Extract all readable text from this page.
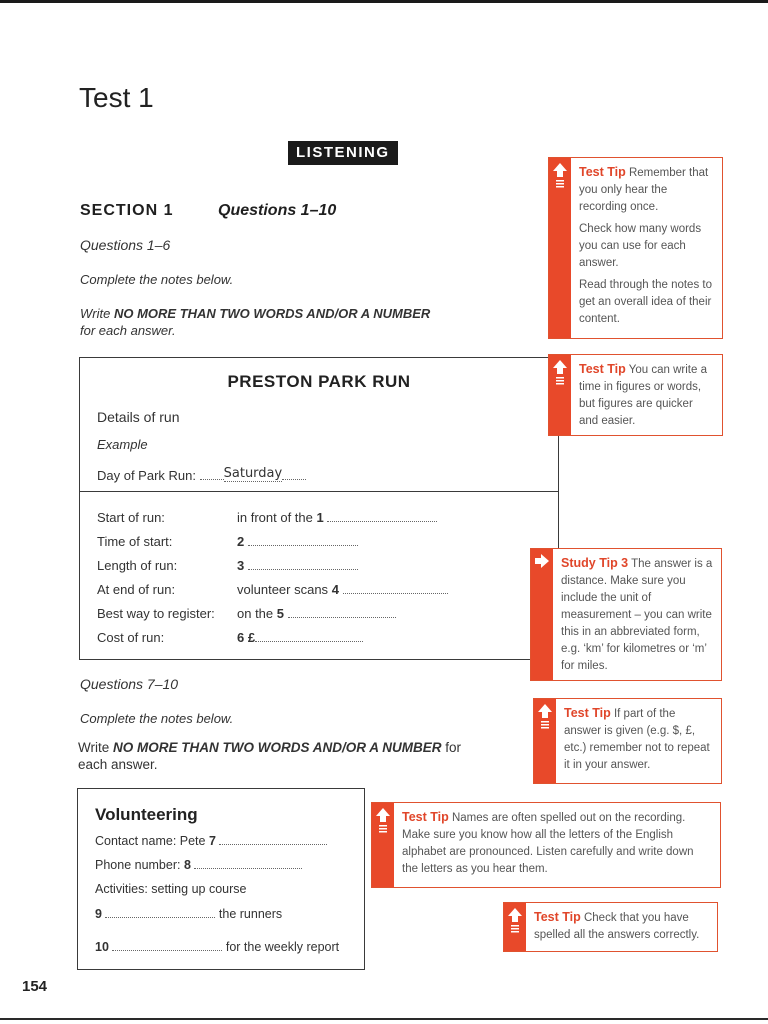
Test 1
LISTENING
SECTION 1	Questions 1–10
Questions 1–6
Complete the notes below.
Write NO MORE THAN TWO WORDS AND/OR A NUMBER
for each answer.
PRESTON PARK RUN
Details of run
Example
Day of Park Run: Saturday
Start of run:	in front of the 1
Time of start:	2
Length of run:	3
At end of run:	volunteer scans 4
Best way to register: on the 5
Cost of run:	6 £
Questions 7–10
Complete the notes below.
Write NO MORE THAN TWO WORDS AND/OR A NUMBER for
each answer.
Volunteering
Contact name: Pete 7
Phone number: 8
Activities: setting up course
9	the runners
10	for the weekly report

Test Tip Remember that you only hear the recording once.

Check how many words you can use for each answer.

Read through the notes to get an overall idea of their content.

Test Tip You can write a time in figures or words, but figures are quicker and easier.

Study Tip 3 The answer is a distance. Make sure you include the unit of measurement – you can write this in an abbreviated form, e.g. ‘km’ for kilometres or ‘m’ for miles.

Test Tip If part of the answer is given (e.g. $, £, etc.) remember not to repeat it in your answer.

Test Tip Names are often spelled out on the recording. Make sure you know how all the letters of the English alphabet are pronounced. Listen carefully and write down the letters as you hear them.

Test Tip Check that you have spelled all the answers correctly.

154
